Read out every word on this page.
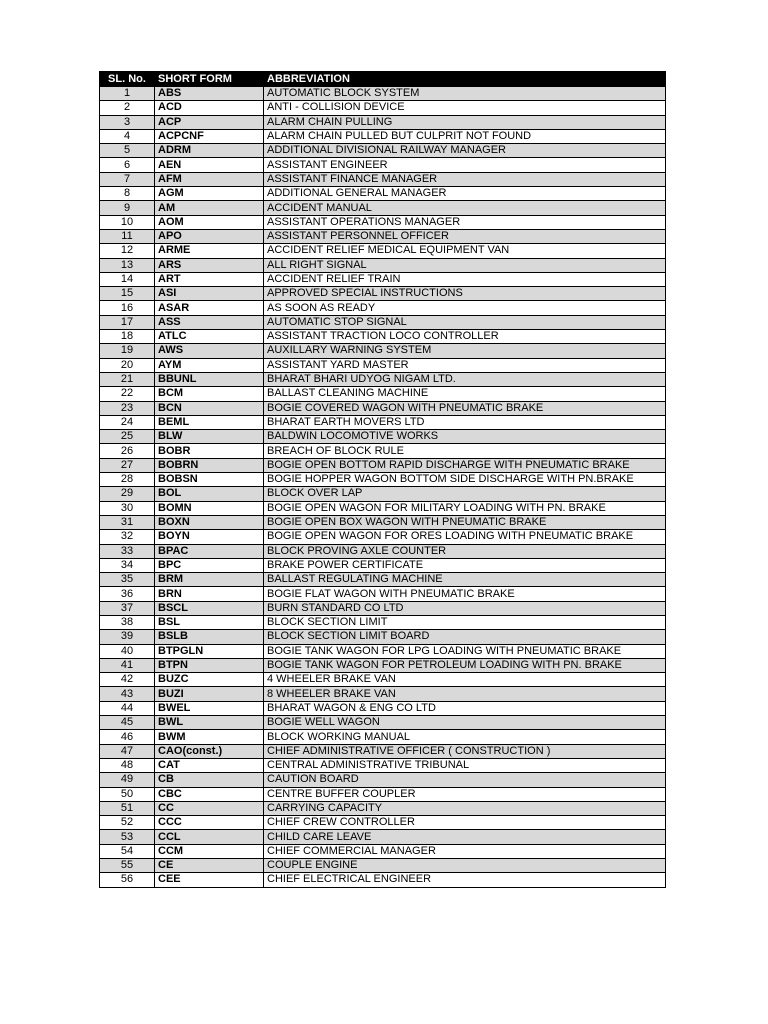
SL. No.	SHORT FORM	ABBREVIATION
1	ABS	AUTOMATIC BLOCK SYSTEM
2	ACD	ANTI - COLLISION DEVICE
3	ACP	ALARM CHAIN PULLING
4	ACPCNF	ALARM CHAIN PULLED BUT CULPRIT NOT FOUND
5	ADRM	ADDITIONAL DIVISIONAL RAILWAY MANAGER
6	AEN	ASSISTANT ENGINEER
7	AFM	ASSISTANT FINANCE MANAGER
8	AGM	ADDITIONAL GENERAL MANAGER
9	AM	ACCIDENT MANUAL
10	AOM	ASSISTANT OPERATIONS MANAGER
11	APO	ASSISTANT PERSONNEL OFFICER
12	ARME	ACCIDENT RELIEF MEDICAL EQUIPMENT VAN
13	ARS	ALL RIGHT SIGNAL
14	ART	ACCIDENT RELIEF TRAIN
15	ASI	APPROVED SPECIAL INSTRUCTIONS
16	ASAR	AS SOON AS READY
17	ASS	AUTOMATIC STOP SIGNAL
18	ATLC	ASSISTANT TRACTION LOCO CONTROLLER
19	AWS	AUXILLARY WARNING SYSTEM
20	AYM	ASSISTANT YARD MASTER
21	BBUNL	BHARAT BHARI UDYOG NIGAM LTD.
22	BCM	BALLAST CLEANING MACHINE
23	BCN	BOGIE COVERED WAGON WITH PNEUMATIC BRAKE
24	BEML	BHARAT EARTH MOVERS LTD
25	BLW	BALDWIN LOCOMOTIVE WORKS
26	BOBR	BREACH OF BLOCK RULE
27	BOBRN	BOGIE OPEN BOTTOM RAPID DISCHARGE WITH PNEUMATIC BRAKE
28	BOBSN	BOGIE HOPPER WAGON BOTTOM SIDE DISCHARGE WITH PN.BRAKE
29	BOL	BLOCK OVER LAP
30	BOMN	BOGIE OPEN WAGON FOR MILITARY LOADING WITH PN. BRAKE
31	BOXN	BOGIE OPEN BOX WAGON WITH PNEUMATIC BRAKE
32	BOYN	BOGIE OPEN WAGON FOR ORES LOADING WITH PNEUMATIC BRAKE
33	BPAC	BLOCK PROVING AXLE COUNTER
34	BPC	BRAKE POWER CERTIFICATE
35	BRM	BALLAST REGULATING MACHINE
36	BRN	BOGIE FLAT WAGON WITH PNEUMATIC BRAKE
37	BSCL	BURN STANDARD CO LTD
38	BSL	BLOCK SECTION LIMIT
39	BSLB	BLOCK SECTION LIMIT BOARD
40	BTPGLN	BOGIE TANK WAGON FOR LPG LOADING WITH PNEUMATIC BRAKE
41	BTPN	BOGIE TANK WAGON FOR PETROLEUM LOADING WITH PN. BRAKE
42	BUZC	4 WHEELER BRAKE VAN
43	BUZI	8 WHEELER BRAKE VAN
44	BWEL	BHARAT WAGON & ENG CO LTD
45	BWL	BOGIE WELL WAGON
46	BWM	BLOCK WORKING MANUAL
47	CAO(const.)	CHIEF ADMINISTRATIVE OFFICER ( CONSTRUCTION )
48	CAT	CENTRAL ADMINISTRATIVE TRIBUNAL
49	CB	CAUTION BOARD
50	CBC	CENTRE BUFFER COUPLER
51	CC	CARRYING CAPACITY
52	CCC	CHIEF CREW CONTROLLER
53	CCL	CHILD CARE LEAVE
54	CCM	CHIEF COMMERCIAL MANAGER
55	CE	COUPLE ENGINE
56	CEE	CHIEF ELECTRICAL ENGINEER
